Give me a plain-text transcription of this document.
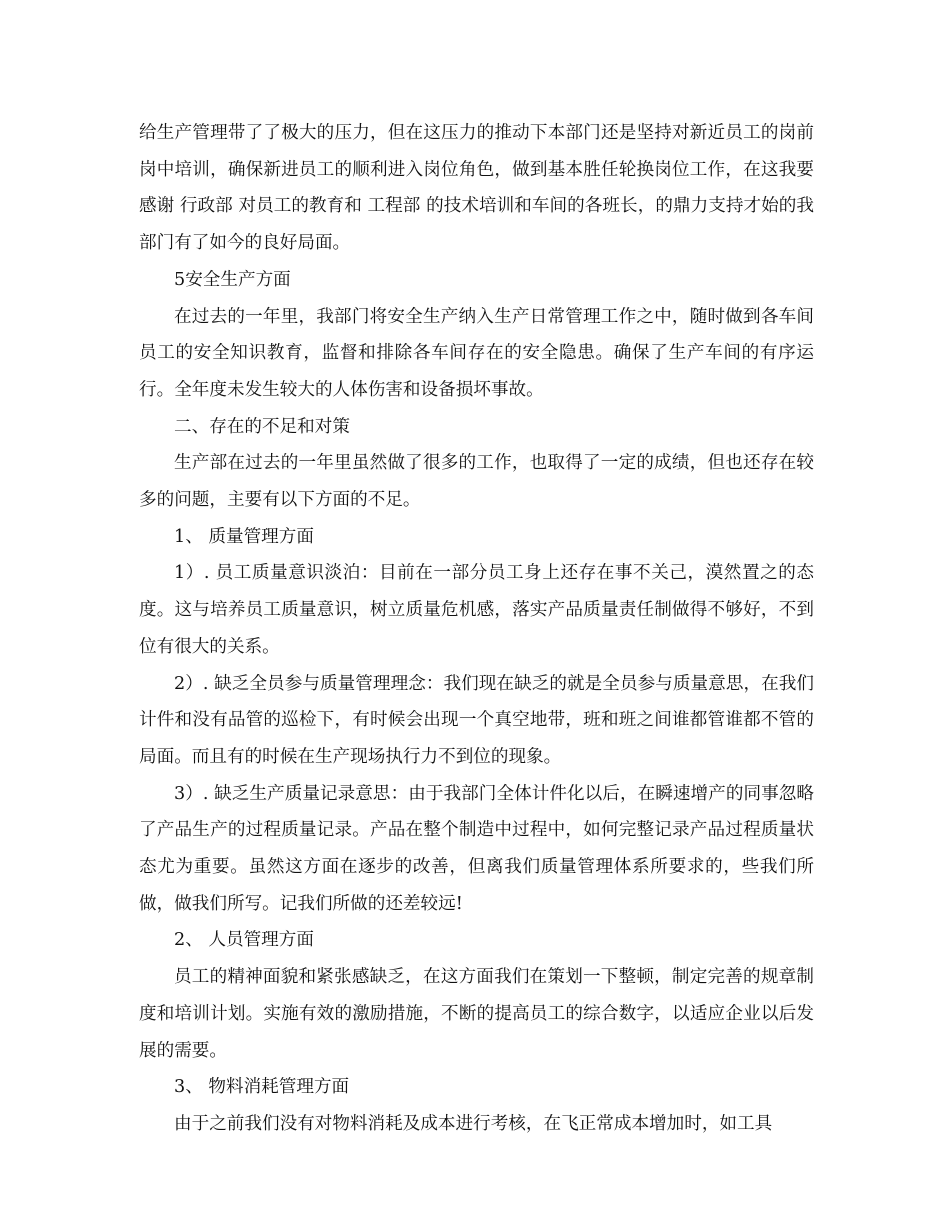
给生产管理带了了极大的压力，但在这压力的推动下本部门还是坚持对新近员工的岗前岗中培训，确保新进员工的顺利进入岗位角色，做到基本胜任轮换岗位工作，在这我要感谢 行政部 对员工的教育和 工程部 的技术培训和车间的各班长，的鼎力支持才始的我部门有了如今的良好局面。

5安全生产方面

在过去的一年里，我部门将安全生产纳入生产日常管理工作之中，随时做到各车间员工的安全知识教育，监督和排除各车间存在的安全隐患。确保了生产车间的有序运行。全年度未发生较大的人体伤害和设备损坏事故。

二、存在的不足和对策

生产部在过去的一年里虽然做了很多的工作，也取得了一定的成绩，但也还存在较多的问题，主要有以下方面的不足。

1、 质量管理方面

1）. 员工质量意识淡泊：目前在一部分员工身上还存在事不关己，漠然置之的态度。这与培养员工质量意识，树立质量危机感，落实产品质量责任制做得不够好，不到位有很大的关系。

2）. 缺乏全员参与质量管理理念：我们现在缺乏的就是全员参与质量意思，在我们计件和没有品管的巡检下，有时候会出现一个真空地带，班和班之间谁都管谁都不管的局面。而且有的时候在生产现场执行力不到位的现象。

3）. 缺乏生产质量记录意思：由于我部门全体计件化以后，在瞬速增产的同事忽略了产品生产的过程质量记录。产品在整个制造中过程中，如何完整记录产品过程质量状态尤为重要。虽然这方面在逐步的改善，但离我们质量管理体系所要求的，些我们所做，做我们所写。记我们所做的还差较远!

2、 人员管理方面

员工的精神面貌和紧张感缺乏，在这方面我们在策划一下整顿，制定完善的规章制度和培训计划。实施有效的激励措施，不断的提高员工的综合数字，以适应企业以后发展的需要。

3、 物料消耗管理方面

由于之前我们没有对物料消耗及成本进行考核，在飞正常成本增加时，如工具
